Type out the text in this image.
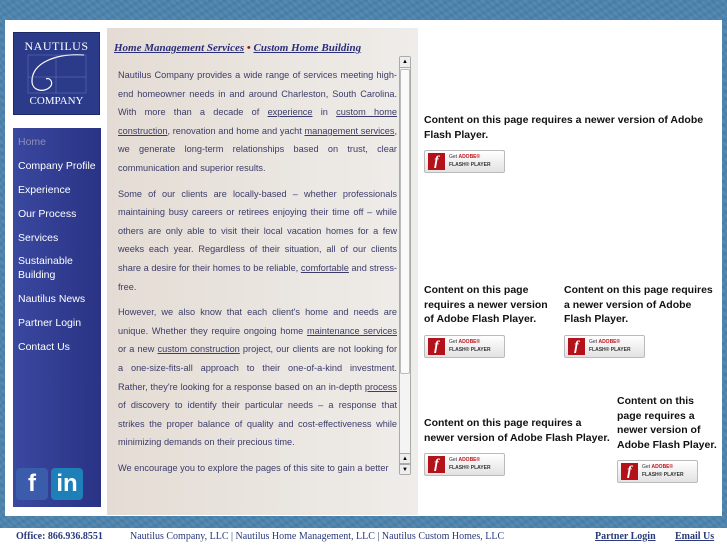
NAUTILUS
COMPANY
Home
Company Profile
Experience
Our Process
Services
Sustainable Building
Nautilus News
Partner Login
Contact Us
f in
Home Management Services • Custom Home Building

Nautilus Company provides a wide range of services meeting high-end homeowner needs in and around Charleston, South Carolina. With more than a decade of experience in custom home construction, renovation and home and yacht management services, we generate long-term relationships based on trust, clear communication and superior results.

Some of our clients are locally-based – whether professionals maintaining busy careers or retirees enjoying their time off – while others are only able to visit their local vacation homes for a few weeks each year. Regardless of their situation, all of our clients share a desire for their homes to be reliable, comfortable and stress-free.

However, we also know that each client's home and needs are unique. Whether they require ongoing home maintenance services or a new custom construction project, our clients are not looking for a one-size-fits-all approach to their one-of-a-kind investment. Rather, they're looking for a response based on an in-depth process of discovery to identify their particular needs – a response that strikes the proper balance of quality and cost-effectiveness while minimizing demands on their precious time.

We encourage you to explore the pages of this site to gain a better

▲
▲
▼
Content on this page requires a newer version of Adobe Flash Player.
f	Get ADOBE®
FLASH® PLAYER
Content on this page requires a newer version of Adobe Flash Player.
f	Get ADOBE®
FLASH® PLAYER
Content on this page requires a newer version of Adobe Flash Player.
f	Get ADOBE®
FLASH® PLAYER
Content on this page requires a newer version of Adobe Flash Player.
f	Get ADOBE®
FLASH® PLAYER
Content on this page requires a newer version of Adobe Flash Player.
f	Get ADOBE®
FLASH® PLAYER
Office: 866.936.8551	Nautilus Company, LLC | Nautilus Home Management, LLC | Nautilus Custom Homes, LLC	Partner Login Email Us
